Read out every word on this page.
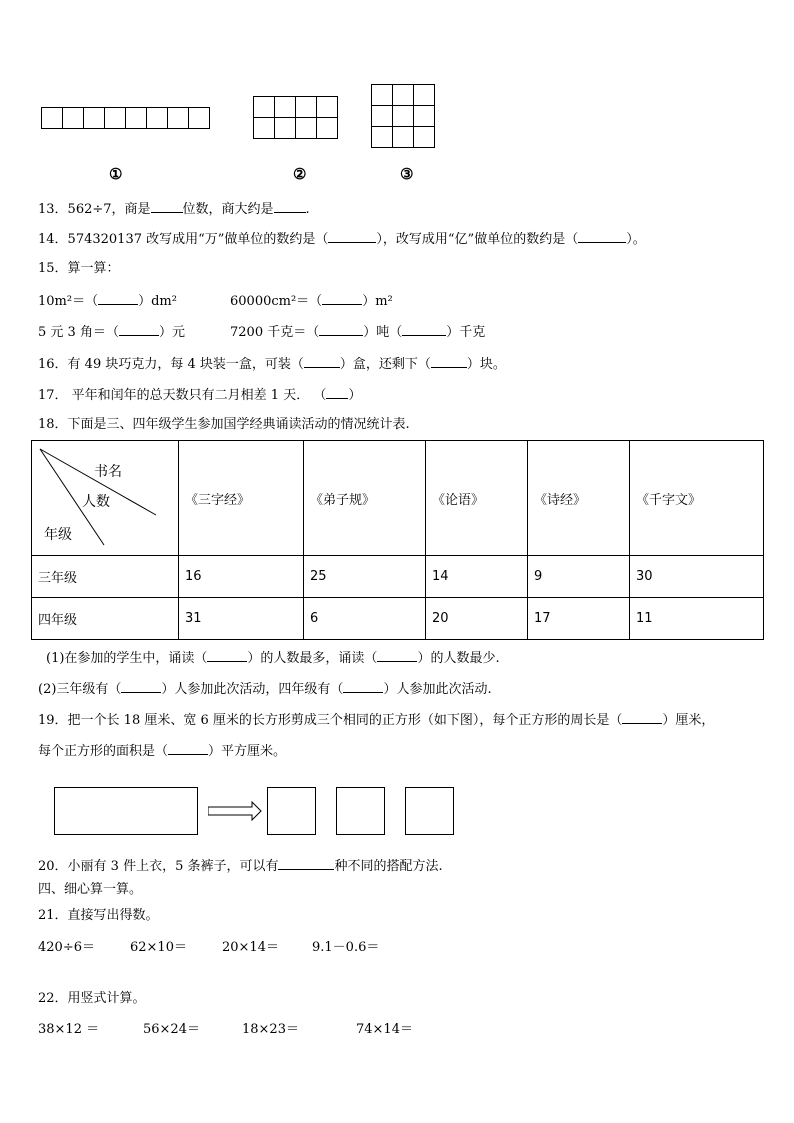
①	②	③
13．562÷7，商是 位数，商大约是 .
14．574320137 改写成用“万”做单位的数约是（	），改写成用“亿”做单位的数约是（	）。
15．算一算：
10m²＝（	）dm²	60000cm²＝（	）m²
5 元 3 角＝（	）元	7200 千克＝（	）吨（	）千克
16．有 49 块巧克力，每 4 块装一盒，可装（	）盒，还剩下（	）块。
17． 平年和闰年的总天数只有二月相差 1 天． （ ）
18．下面是三、四年级学生参加国学经典诵读活动的情况统计表.
书名
人数
年级	《三字经》	《弟子规》	《论语》	《诗经》	《千字文》
三年级	16	25	14	9	30
四年级	31	6	20	17	11
(1)在参加的学生中，诵读（	）的人数最多，诵读（	）的人数最少.
(2)三年级有（	）人参加此次活动，四年级有（	）人参加此次活动.
19．把一个长 18 厘米、宽 6 厘米的长方形剪成三个相同的正方形（如下图），每个正方形的周长是（	）厘米，
每个正方形的面积是（	）平方厘米。
20．小丽有 3 件上衣，5 条裤子，可以有	种不同的搭配方法.
四、细心算一算。
21．直接写出得数。
420÷6＝	62×10＝	20×14＝	9.1－0.6＝
22．用竖式计算。
38×12 ＝	56×24＝	18×23＝	74×14＝
